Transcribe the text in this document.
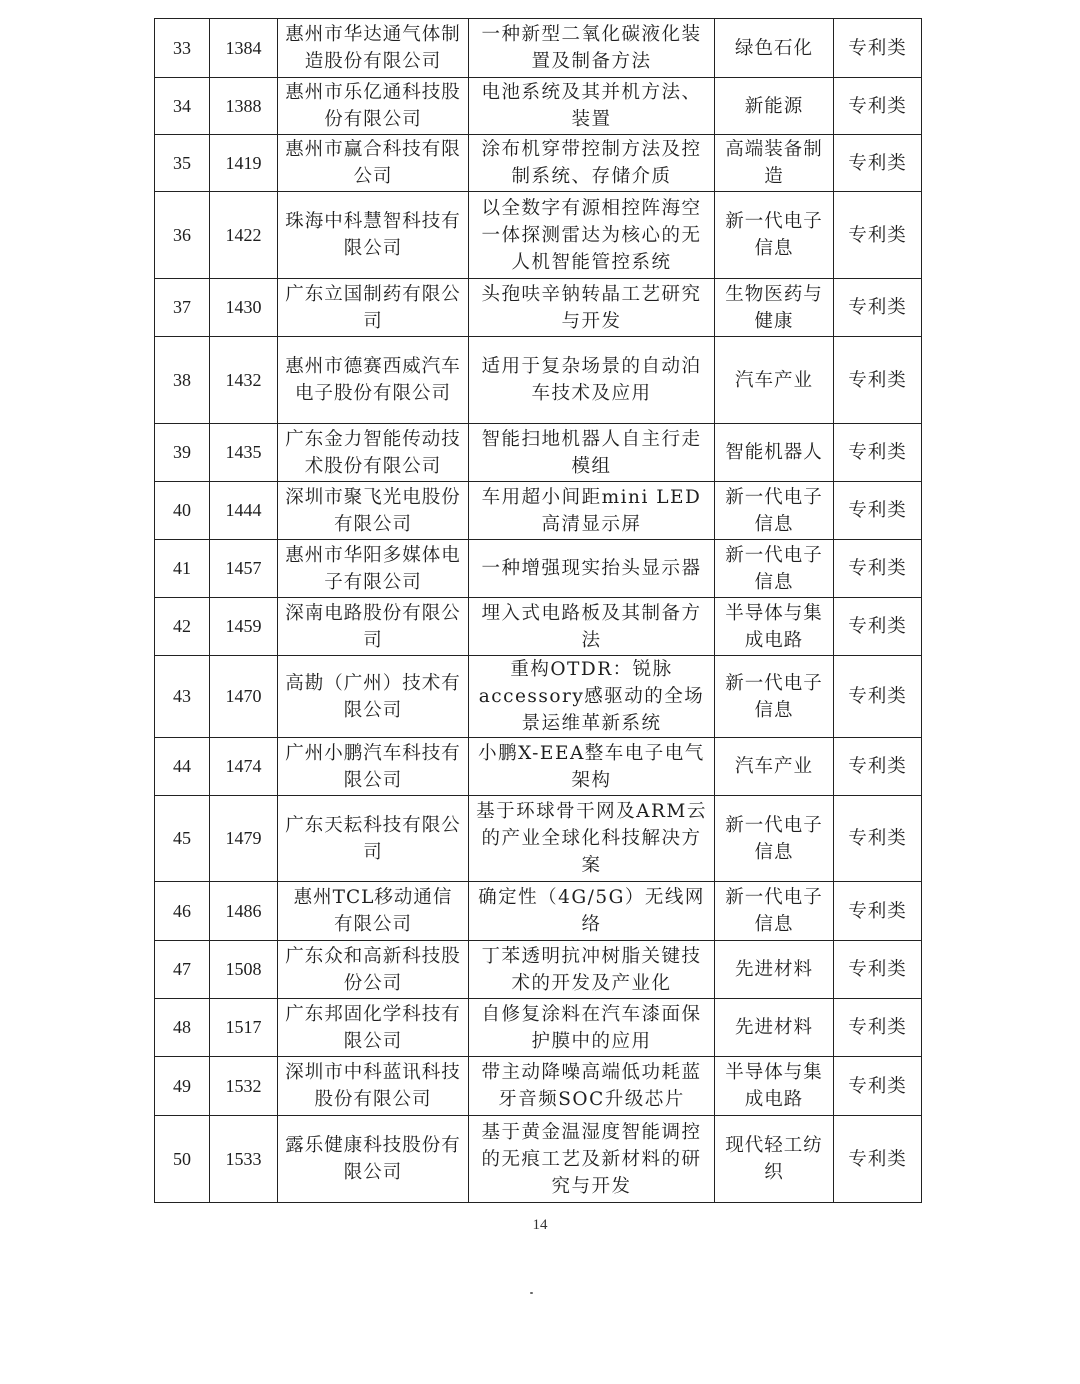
33	1384	惠州市华达通气体制造股份有限公司	一种新型二氧化碳液化装置及制备方法	绿色石化	专利类
34	1388	惠州市乐亿通科技股份有限公司	电池系统及其并机方法、装置	新能源	专利类
35	1419	惠州市赢合科技有限公司	涂布机穿带控制方法及控制系统、存储介质	高端装备制造	专利类
36	1422	珠海中科慧智科技有限公司	以全数字有源相控阵海空一体探测雷达为核心的无人机智能管控系统	新一代电子信息	专利类
37	1430	广东立国制药有限公司	头孢呋辛钠转晶工艺研究与开发	生物医药与健康	专利类
38	1432	惠州市德赛西威汽车电子股份有限公司	适用于复杂场景的自动泊车技术及应用	汽车产业	专利类
39	1435	广东金力智能传动技术股份有限公司	智能扫地机器人自主行走模组	智能机器人	专利类
40	1444	深圳市聚飞光电股份有限公司	车用超小间距mini LED高清显示屏	新一代电子信息	专利类
41	1457	惠州市华阳多媒体电子有限公司	一种增强现实抬头显示器	新一代电子信息	专利类
42	1459	深南电路股份有限公司	埋入式电路板及其制备方法	半导体与集成电路	专利类
43	1470	高勘（广州）技术有限公司	重构OTDR：锐脉accessory感驱动的全场景运维革新系统	新一代电子信息	专利类
44	1474	广州小鹏汽车科技有限公司	小鹏X-EEA整车电子电气架构	汽车产业	专利类
45	1479	广东天耘科技有限公司	基于环球骨干网及ARM云的产业全球化科技解决方案	新一代电子信息	专利类
46	1486	惠州TCL移动通信有限公司	确定性（4G/5G）无线网络	新一代电子信息	专利类
47	1508	广东众和高新科技股份公司	丁苯透明抗冲树脂关键技术的开发及产业化	先进材料	专利类
48	1517	广东邦固化学科技有限公司	自修复涂料在汽车漆面保护膜中的应用	先进材料	专利类
49	1532	深圳市中科蓝讯科技股份有限公司	带主动降噪高端低功耗蓝牙音频SOC升级芯片	半导体与集成电路	专利类
50	1533	露乐健康科技股份有限公司	基于黄金温湿度智能调控的无痕工艺及新材料的研究与开发	现代轻工纺织	专利类
14
